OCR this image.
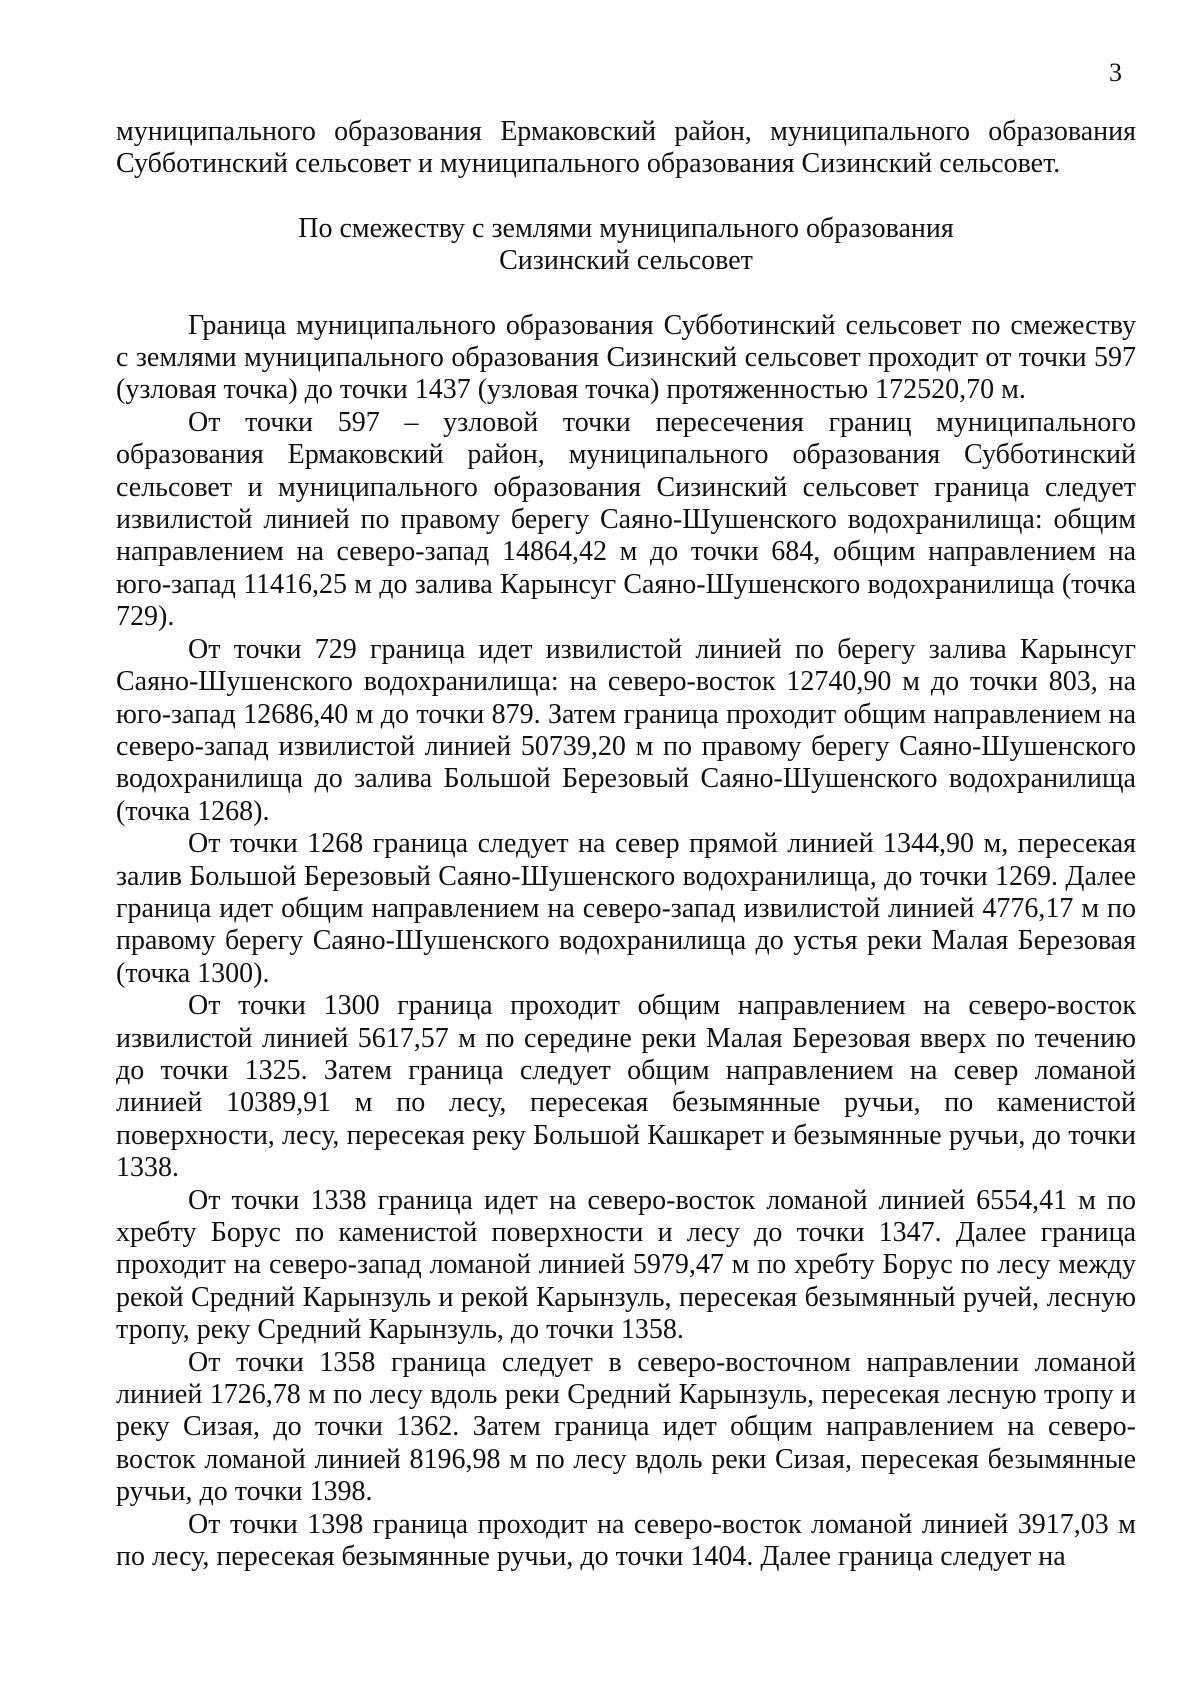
3

муниципального образования Ермаковский район, муниципального образования Субботинский сельсовет и муниципального образования Сизинский сельсовет.

По смежеству с землями муниципального образования
Сизинский сельсовет

Граница муниципального образования Субботинский сельсовет по смежеству с землями муниципального образования Сизинский сельсовет проходит от точки 597 (узловая точка) до точки 1437 (узловая точка) протяженностью 172520,70 м.

От точки 597 – узловой точки пересечения границ муниципального образования Ермаковский район, муниципального образования Субботинский сельсовет и муниципального образования Сизинский сельсовет граница следует извилистой линией по правому берегу Саяно-Шушенского водохранилища: общим направлением на северо-запад 14864,42 м до точки 684, общим направлением на юго-запад 11416,25 м до залива Карынсуг Саяно-Шушенского водохранилища (точка 729).

От точки 729 граница идет извилистой линией по берегу залива Карынсуг Саяно-Шушенского водохранилища: на северо-восток 12740,90 м до точки 803, на юго-запад 12686,40 м до точки 879. Затем граница проходит общим направлением на северо-запад извилистой линией 50739,20 м по правому берегу Саяно-Шушенского водохранилища до залива Большой Березовый Саяно-Шушенского водохранилища (точка 1268).

От точки 1268 граница следует на север прямой линией 1344,90 м, пересекая залив Большой Березовый Саяно-Шушенского водохранилища, до точки 1269. Далее граница идет общим направлением на северо-запад извилистой линией 4776,17 м по правому берегу Саяно-Шушенского водохранилища до устья реки Малая Березовая (точка 1300).

От точки 1300 граница проходит общим направлением на северо-восток извилистой линией 5617,57 м по середине реки Малая Березовая вверх по течению до точки 1325. Затем граница следует общим направлением на север ломаной линией 10389,91 м по лесу, пересекая безымянные ручьи, по каменистой поверхности, лесу, пересекая реку Большой Кашкарет и безымянные ручьи, до точки 1338.

От точки 1338 граница идет на северо-восток ломаной линией 6554,41 м по хребту Борус по каменистой поверхности и лесу до точки 1347. Далее граница проходит на северо-запад ломаной линией 5979,47 м по хребту Борус по лесу между рекой Средний Карынзуль и рекой Карынзуль, пересекая безымянный ручей, лесную тропу, реку Средний Карынзуль, до точки 1358.

От точки 1358 граница следует в северо-восточном направлении ломаной линией 1726,78 м по лесу вдоль реки Средний Карынзуль, пересекая лесную тропу и реку Сизая, до точки 1362. Затем граница идет общим направлением на северо-восток ломаной линией 8196,98 м по лесу вдоль реки Сизая, пересекая безымянные ручьи, до точки 1398.

От точки 1398 граница проходит на северо-восток ломаной линией 3917,03 м по лесу, пересекая безымянные ручьи, до точки 1404. Далее граница следует на
